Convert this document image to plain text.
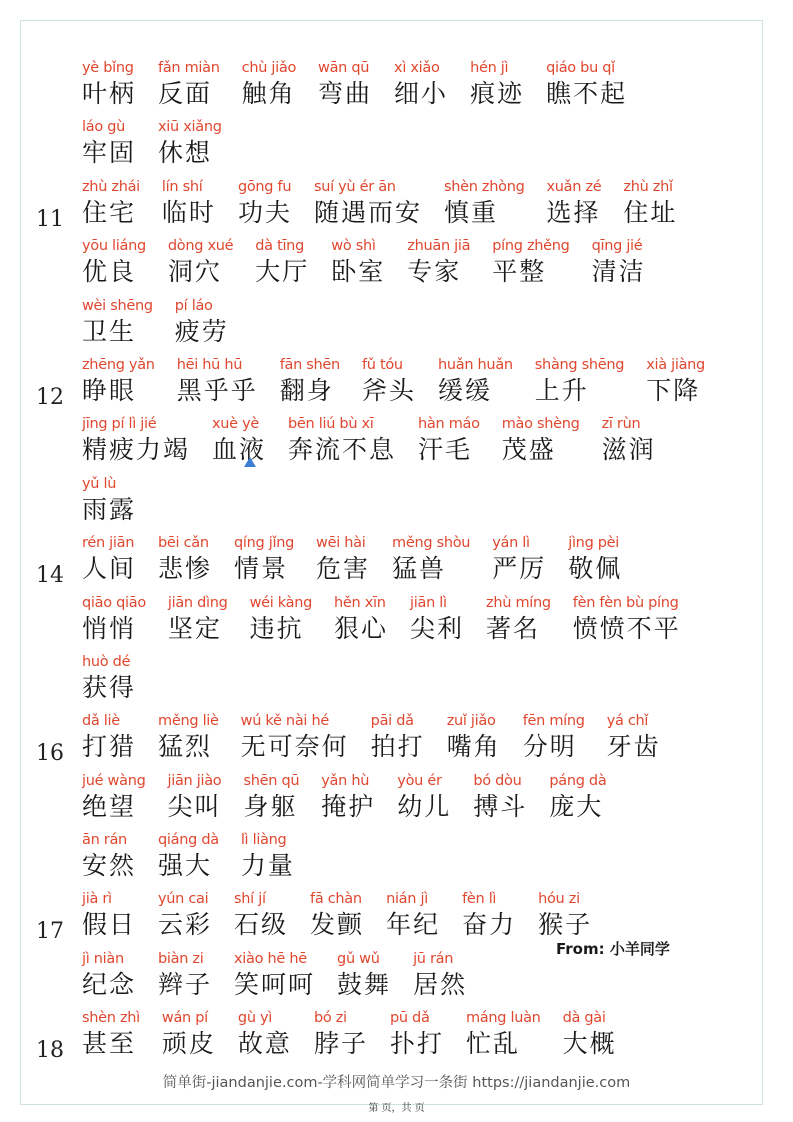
yè bǐng
叶柄
fǎn miàn
反面
chù jiǎo
触角
wān qū
弯曲
xì xiǎo
细小
hén jì
痕迹
qiáo bu qǐ
瞧不起
láo gù
牢固
xiū xiǎng
休想
11
zhù zhái
住宅
lín shí
临时
gōng fu
功夫
suí yù ér ān
随遇而安
shèn zhòng
慎重
xuǎn zé
选择
zhù zhǐ
住址
yōu liáng
优良
dòng xué
洞穴
dà tīng
大厅
wò shì
卧室
zhuān jiā
专家
píng zhěng
平整
qīng jié
清洁
wèi shēng
卫生
pí láo
疲劳
12
zhēng yǎn
睁眼
hēi hū hū
黑乎乎
fān shēn
翻身
fǔ tóu
斧头
huǎn huǎn
缓缓
shàng shēng
上升
xià jiàng
下降
jīng pí lì jié
精疲力竭
xuè yè
血液
bēn liú bù xī
奔流不息
hàn máo
汗毛
mào shèng
茂盛
zī rùn
滋润
yǔ lù
雨露
14
rén jiān
人间
bēi cǎn
悲惨
qíng jǐng
情景
wēi hài
危害
měng shòu
猛兽
yán lì
严厉
jìng pèi
敬佩
qiāo qiāo
悄悄
jiān dìng
坚定
wéi kàng
违抗
hěn xīn
狠心
jiān lì
尖利
zhù míng
著名
fèn fèn bù píng
愤愤不平
huò dé
获得
16
dǎ liè
打猎
měng liè
猛烈
wú kě nài hé
无可奈何
pāi dǎ
拍打
zuǐ jiǎo
嘴角
fēn míng
分明
yá chǐ
牙齿
jué wàng
绝望
jiān jiào
尖叫
shēn qū
身躯
yǎn hù
掩护
yòu ér
幼儿
bó dòu
搏斗
páng dà
庞大
ān rán
安然
qiáng dà
强大
lì liàng
力量
17
jià rì
假日
yún cai
云彩
shí jí
石级
fā chàn
发颤
nián jì
年纪
fèn lì
奋力
hóu zi
猴子
jì niàn
纪念
biàn zi
辫子
xiào hē hē
笑呵呵
gǔ wǔ
鼓舞
jū rán
居然
18
shèn zhì
甚至
wán pí
顽皮
gù yì
故意
bó zi
脖子
pū dǎ
扑打
máng luàn
忙乱
dà gài
大概
From: 小羊同学
简单街-jiandanjie.com-学科网简单学习一条街 https://jiandanjie.com
第 页，共 页
